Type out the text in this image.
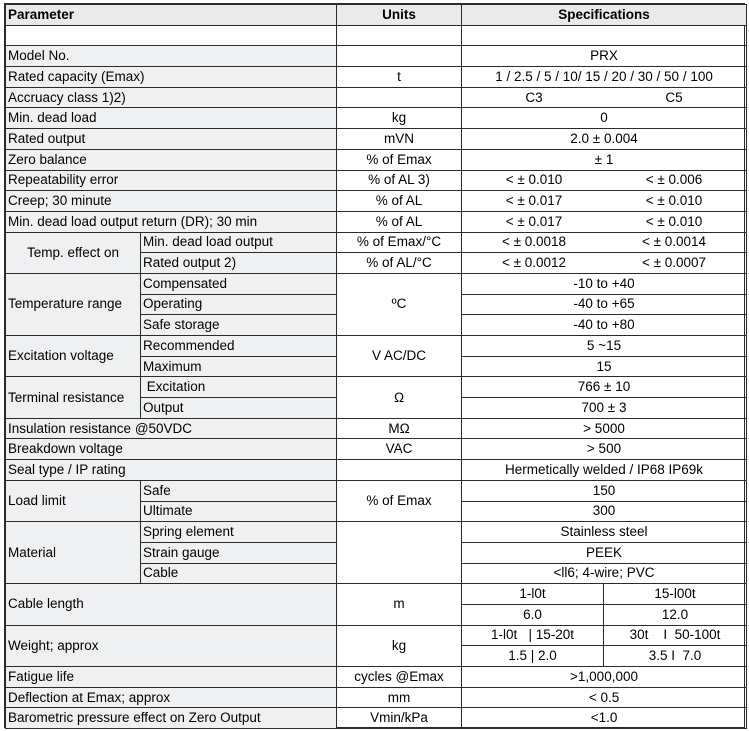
Parameter		Units	Specifications	

Model No.			PRX	
Rated capacity (Emax)		t	1 / 2.5 / 5 / 10/ 15 / 20 / 30 / 50 / 100	
Accruacy class 1)2)			C3 C5	
Min. dead load		kg	0	
Rated output		mVN	2.0 ± 0.004	
Zero balance		% of Emax	± 1	
Repeatability error		% of AL 3)	< ± 0.010 < ± 0.006	
Creep; 30 minute		% of AL	< ± 0.017 < ± 0.010	
Min. dead load output return (DR); 30 min		% of AL	< ± 0.017 < ± 0.010	
Temp. effect on	Min. dead load output	% of Emax/°C	< ± 0.0018 < ± 0.0014	
	Rated output 2)	% of AL/°C	< ± 0.0012 < ± 0.0007	
Temperature range	Compensated	ºC	-10 to +40	
	Operating		-40 to +65	
	Safe storage		-40 to +80	
Excitation voltage	Recommended	V AC/DC	5 ~15	
	Maximum		15	
Terminal resistance	Excitation	Ω	766 ± 10	
	Output		700 ± 3	
Insulation resistance @50VDC		MΩ	> 5000	
Breakdown voltage		VAC	> 500	
Seal type / IP rating			Hermetically welded / IP68 IP69k	
Load limit	Safe	% of Emax	150	
	Ultimate		300	
Material	Spring element		Stainless steel	
	Strain gauge		PEEK	
	Cable		<ll6; 4-wire; PVC	
Cable length		m	1-l0t	15-l00t
			6.0	12.0
Weight; approx		kg	1-l0t   | 15-20t	30t    I  50-100t
			1.5 | 2.0	3.5 I  7.0
Fatigue life		cycles @Emax	>1,000,000	
Deflection at Emax; approx		mm	< 0.5	
Barometric pressure effect on Zero Output		Vmin/kPa	<1.0	
